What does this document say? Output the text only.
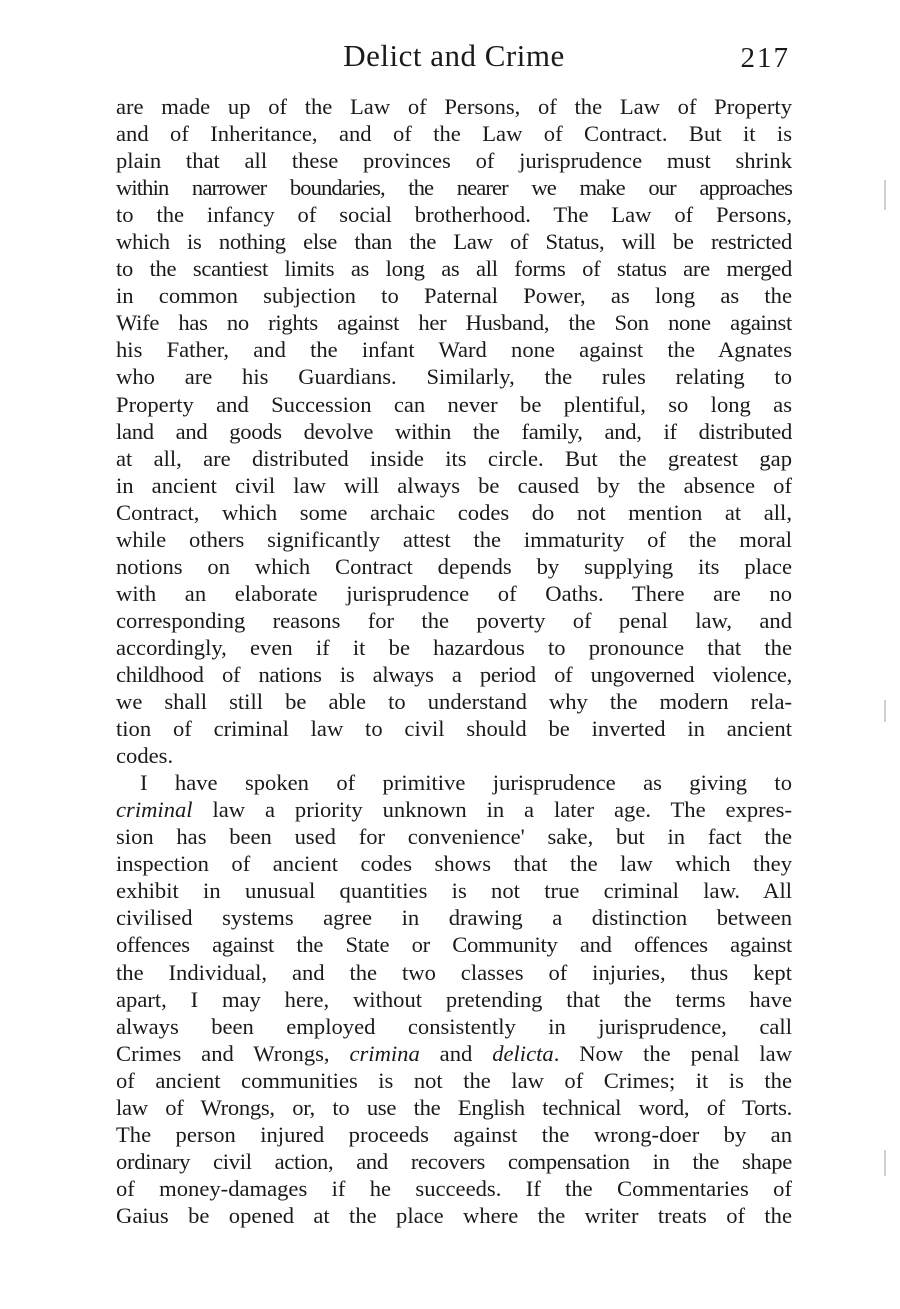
Delict and Crime	217
are made up of the Law of Persons, of the Law of Property
and of Inheritance, and of the Law of Contract. But it is
plain that all these provinces of jurisprudence must shrink
within narrower boundaries, the nearer we make our approaches
to the infancy of social brotherhood. The Law of Persons,
which is nothing else than the Law of Status, will be restricted
to the scantiest limits as long as all forms of status are merged
in common subjection to Paternal Power, as long as the
Wife has no rights against her Husband, the Son none against
his Father, and the infant Ward none against the Agnates
who are his Guardians. Similarly, the rules relating to
Property and Succession can never be plentiful, so long as
land and goods devolve within the family, and, if distributed
at all, are distributed inside its circle. But the greatest gap
in ancient civil law will always be caused by the absence of
Contract, which some archaic codes do not mention at all,
while others significantly attest the immaturity of the moral
notions on which Contract depends by supplying its place
with an elaborate jurisprudence of Oaths. There are no
corresponding reasons for the poverty of penal law, and
accordingly, even if it be hazardous to pronounce that the
childhood of nations is always a period of ungoverned violence,
we shall still be able to understand why the modern rela-
tion of criminal law to civil should be inverted in ancient
codes.
I have spoken of primitive jurisprudence as giving to
criminal law a priority unknown in a later age. The expres-
sion has been used for convenience' sake, but in fact the
inspection of ancient codes shows that the law which they
exhibit in unusual quantities is not true criminal law. All
civilised systems agree in drawing a distinction between
offences against the State or Community and offences against
the Individual, and the two classes of injuries, thus kept
apart, I may here, without pretending that the terms have
always been employed consistently in jurisprudence, call
Crimes and Wrongs, crimina and delicta. Now the penal law
of ancient communities is not the law of Crimes; it is the
law of Wrongs, or, to use the English technical word, of Torts.
The person injured proceeds against the wrong-doer by an
ordinary civil action, and recovers compensation in the shape
of money-damages if he succeeds. If the Commentaries of
Gaius be opened at the place where the writer treats of the
